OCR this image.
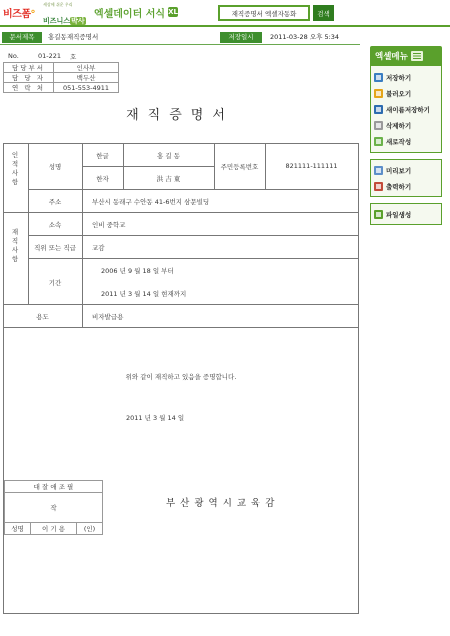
비즈폼°
세상에 쉬운 우리
비즈니스박사
엑셀데이터 서식 XL
재직증명서 엑셀자동화	검색
문서제목	홍길동재직증명서	저장일시	2011-03-28 오후 5:34
엑셀메뉴
저장하기
불러오기
새이름저장하기
삭제하기
새로작성
미리보기
출력하기
파일생성
No.	01-221 호
담당부서	인사부
담 당 자	백두산
연 락 처	051-553-4911
재직증명서
인적사항
재직사항
성명
한글	홍 길 동
한자	洪 吉 東
주민등록번호	821111-111111
주소	부산시 동래구 수안동 41-6번지 삼문빌딩
소속	인비 중학교
직위 또는 직급	교감
기간
2006 년 9 월 18 일 부터
2011 년 3 월 14 일 현재까지
용도	비자발급용
위와 같이 재직하고 있음을 증명합니다.
2011 년 3 월 14 일
대 잘 애 조 필
작
성명	이 기 용	(인)
부산광역시교육감
